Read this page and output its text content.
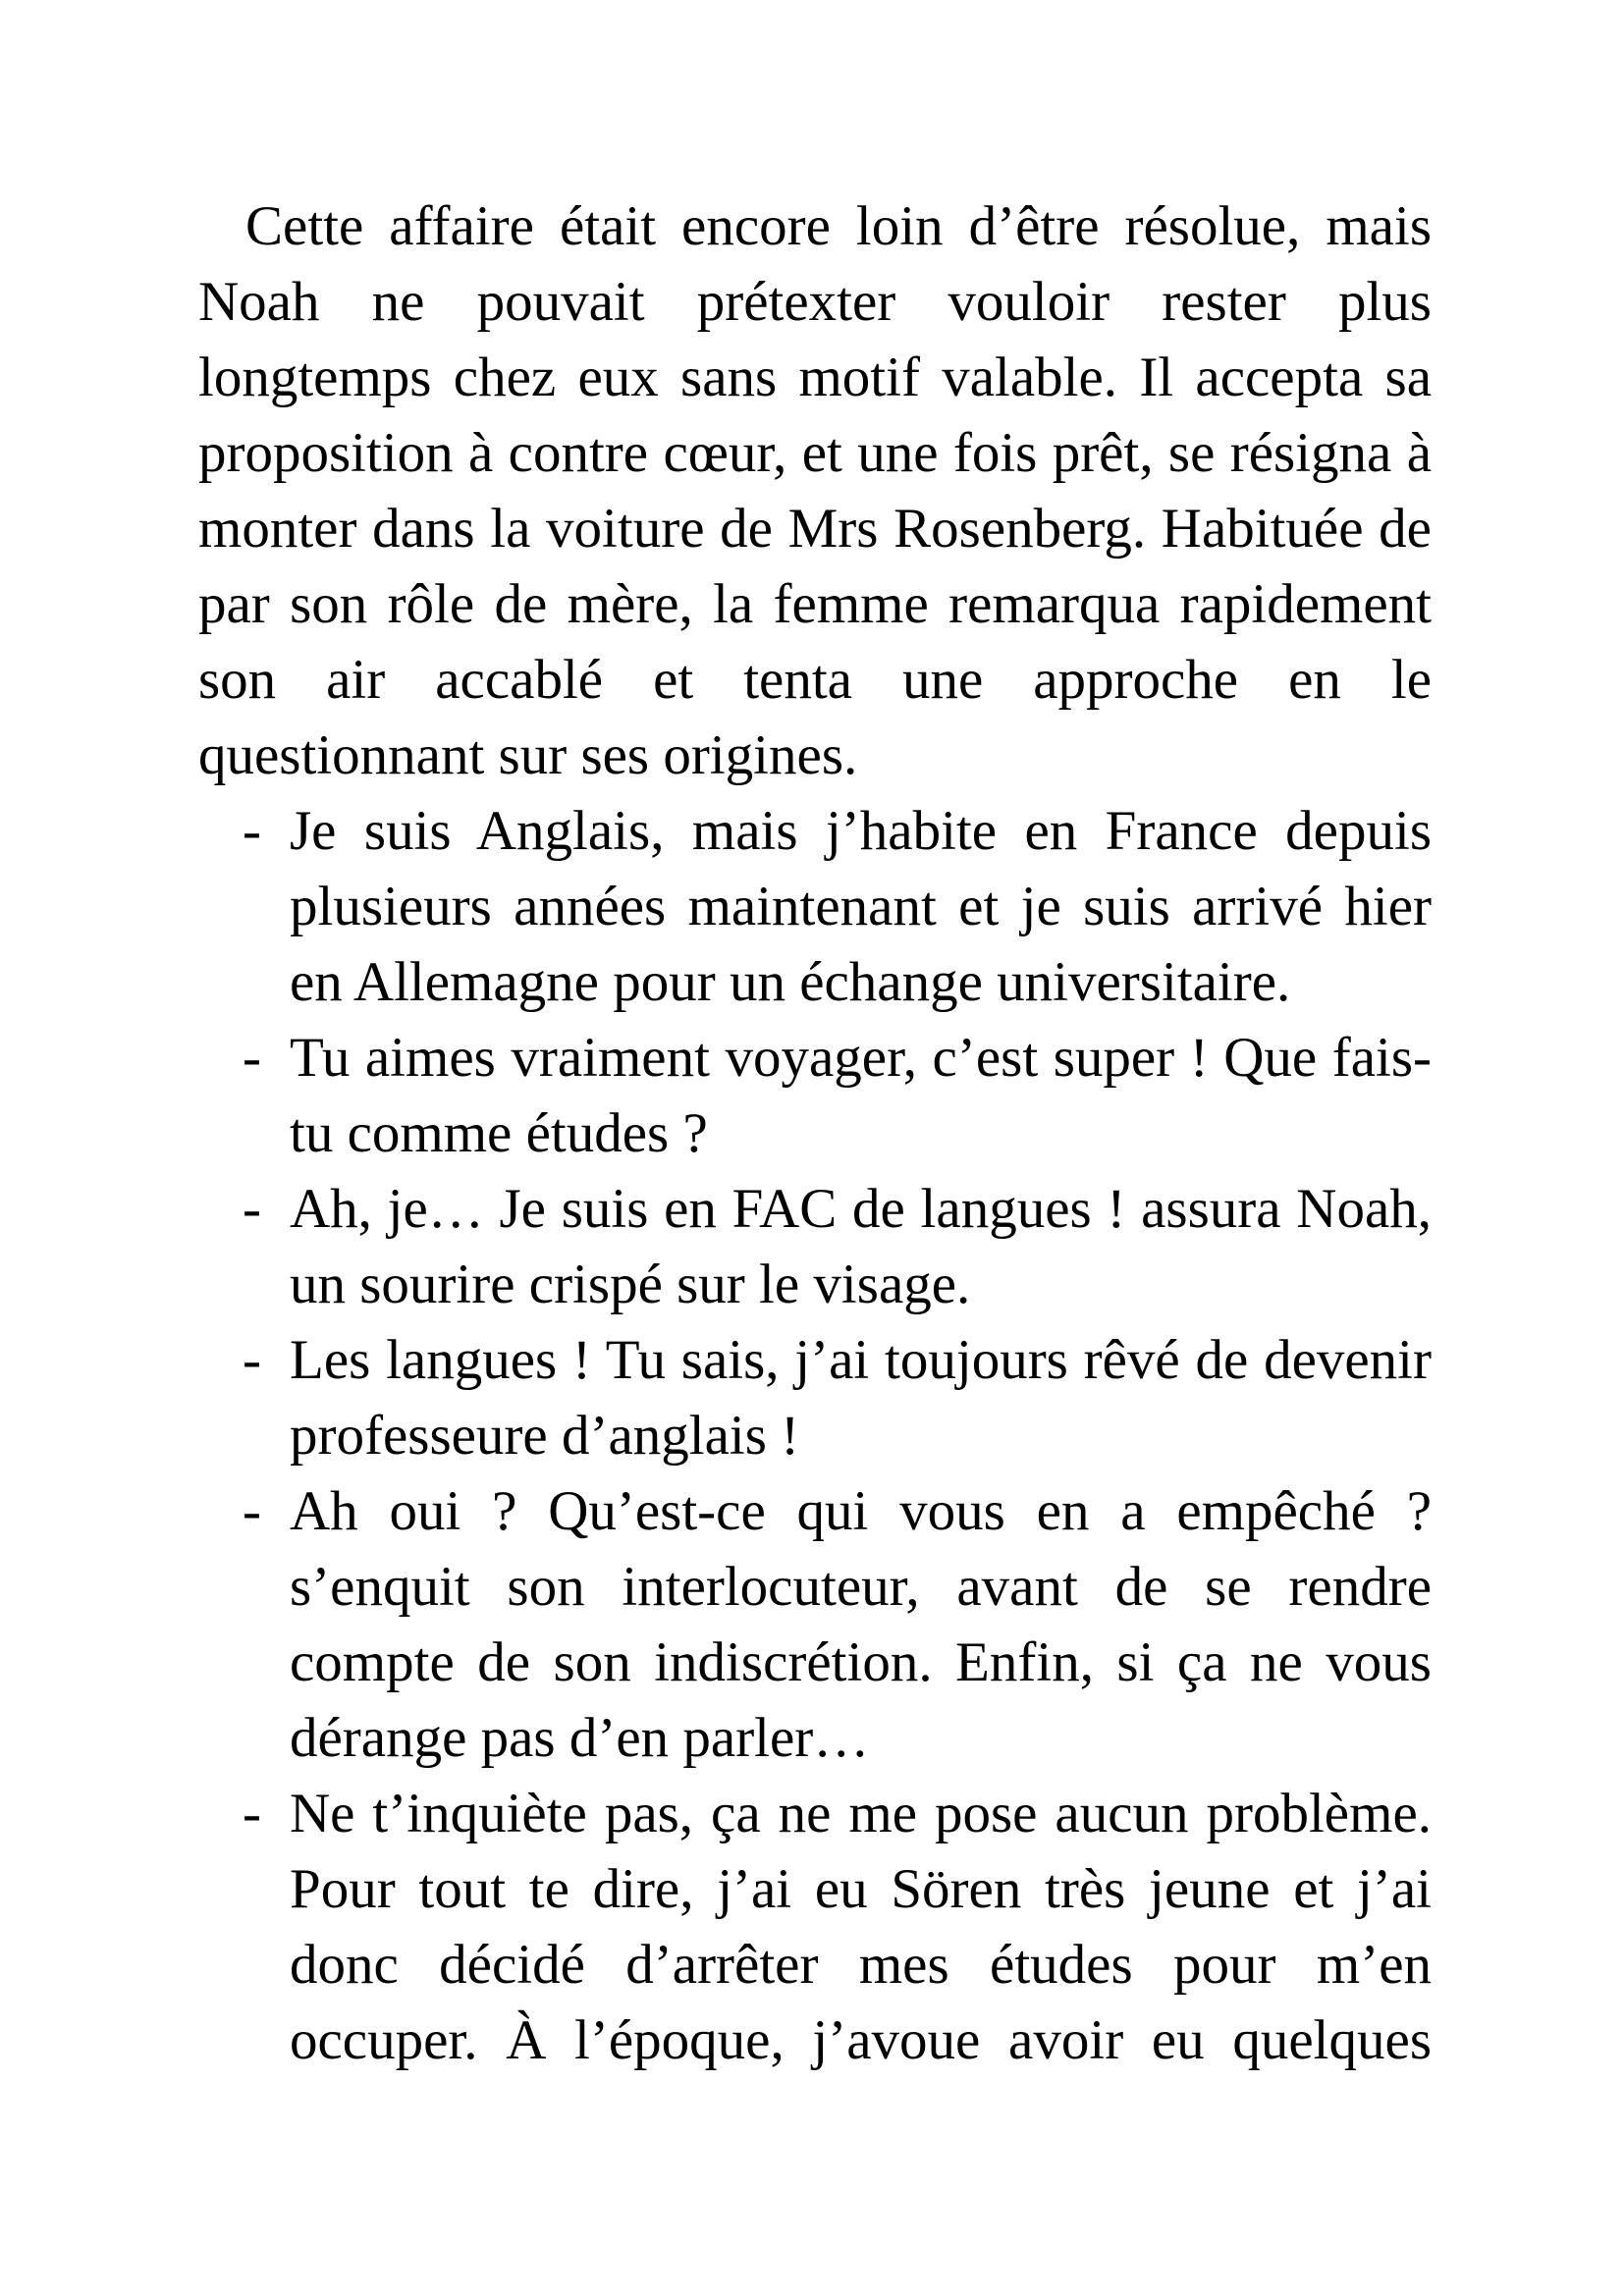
Cette affaire était encore loin d’être résolue, mais
Noah ne pouvait prétexter vouloir rester plus
longtemps chez eux sans motif valable. Il accepta sa
proposition à contre cœur, et une fois prêt, se résigna à
monter dans la voiture de Mrs Rosenberg. Habituée de
par son rôle de mère, la femme remarqua rapidement
son air accablé et tenta une approche en le
questionnant sur ses origines.
- Je suis Anglais, mais j’habite en France depuis
plusieurs années maintenant et je suis arrivé hier
en Allemagne pour un échange universitaire.
- Tu aimes vraiment voyager, c’est super ! Que fais-
tu comme études ?
- Ah, je… Je suis en FAC de langues ! assura Noah,
un sourire crispé sur le visage.
- Les langues ! Tu sais, j’ai toujours rêvé de devenir
professeure d’anglais !
- Ah oui ? Qu’est-ce qui vous en a empêché ?
s’enquit son interlocuteur, avant de se rendre
compte de son indiscrétion. Enfin, si ça ne vous
dérange pas d’en parler…
- Ne t’inquiète pas, ça ne me pose aucun problème.
Pour tout te dire, j’ai eu Sören très jeune et j’ai
donc décidé d’arrêter mes études pour m’en
occuper. À l’époque, j’avoue avoir eu quelques
